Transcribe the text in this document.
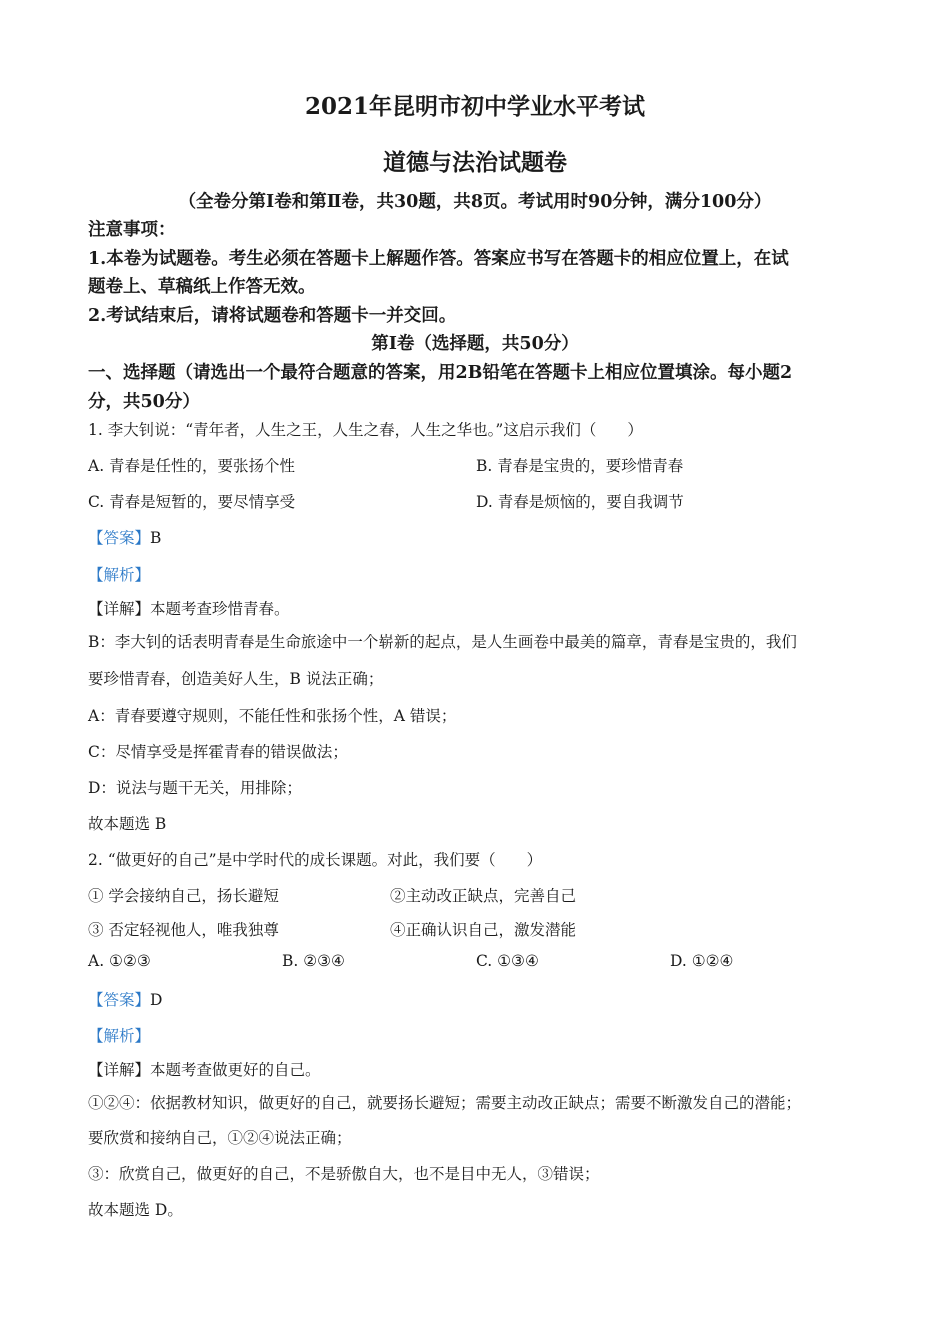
2021年昆明市初中学业水平考试
道德与法治试题卷
（全卷分第Ⅰ卷和第Ⅱ卷，共30题，共8页。考试用时90分钟，满分100分）
注意事项：
1.本卷为试题卷。考生必须在答题卡上解题作答。答案应书写在答题卡的相应位置上，在试
题卷上、草稿纸上作答无效。
2.考试结束后，请将试题卷和答题卡一并交回。
第Ⅰ卷（选择题，共50分）
一、选择题（请选出一个最符合题意的答案，用2B铅笔在答题卡上相应位置填涂。每小题2
分，共50分）
1. 李大钊说：“青年者，人生之王，人生之春，人生之华也。”这启示我们（　　）
A. 青春是任性的，要张扬个性	B. 青春是宝贵的，要珍惜青春
C. 青春是短暂的，要尽情享受	D. 青春是烦恼的，要自我调节
【答案】B
【解析】
【详解】本题考查珍惜青春。
B：李大钊的话表明青春是生命旅途中一个崭新的起点，是人生画卷中最美的篇章，青春是宝贵的，我们
要珍惜青春，创造美好人生，B 说法正确；
A：青春要遵守规则，不能任性和张扬个性，A 错误；
C：尽情享受是挥霍青春的错误做法；
D：说法与题干无关，用排除；
故本题选 B
2. “做更好的自己”是中学时代的成长课题。对此，我们要（　　）
① 学会接纳自己，扬长避短	②主动改正缺点，完善自己
③ 否定轻视他人，唯我独尊	④正确认识自己，激发潜能
A. ①②③	B. ②③④	C. ①③④	D. ①②④
【答案】D
【解析】
【详解】本题考查做更好的自己。
①②④：依据教材知识，做更好的自己，就要扬长避短；需要主动改正缺点；需要不断激发自己的潜能；
要欣赏和接纳自己，①②④说法正确；
③：欣赏自己，做更好的自己，不是骄傲自大，也不是目中无人，③错误；
故本题选 D。
